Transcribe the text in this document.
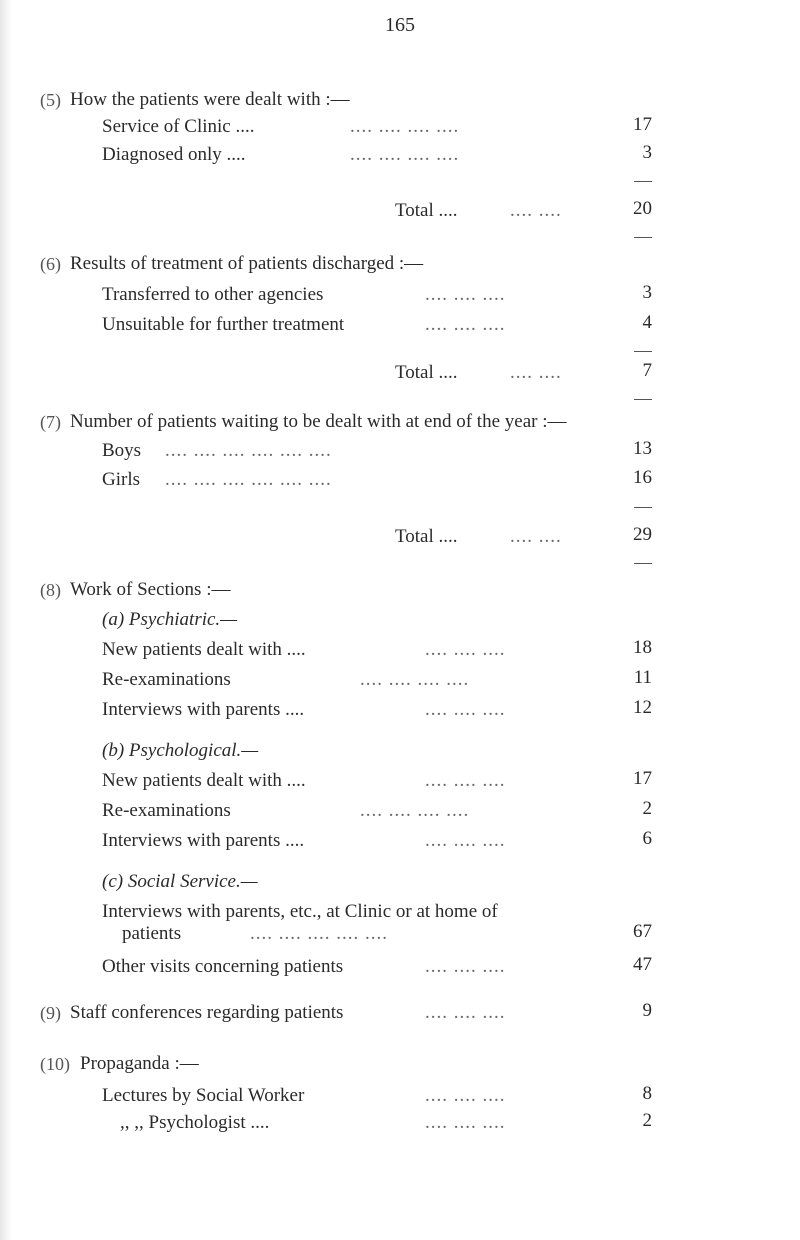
165
(5) How the patients were dealt with :—
Service of Clinic ....	.... .... .... ....	17
Diagnosed only ....	.... .... .... ....	3
Total ....	.... ....	20
(6) Results of treatment of patients discharged :—
Transferred to other agencies	.... .... ....	3
Unsuitable for further treatment	.... .... ....	4
Total ....	.... ....	7
(7) Number of patients waiting to be dealt with at end of the year :—
Boys .... .... .... .... .... ....	13
Girls .... .... .... .... .... ....	16
Total ....	.... ....	29
(8) Work of Sections :—
(a) Psychiatric.—
New patients dealt with ....	.... .... ....	18
Re-examinations	.... .... .... ....	11
Interviews with parents ....	.... .... ....	12
(b) Psychological.—
New patients dealt with ....	.... .... ....	17
Re-examinations	.... .... .... ....	2
Interviews with parents ....	.... .... ....	6
(c) Social Service.—
Interviews with parents, etc., at Clinic or at home of
patients	.... .... .... .... ....	67
Other visits concerning patients	.... .... ....	47
(9) Staff conferences regarding patients	.... .... ....	9
(10) Propaganda :—
Lectures by Social Worker	.... .... ....	8
,, ,, Psychologist ....	.... .... ....	2
